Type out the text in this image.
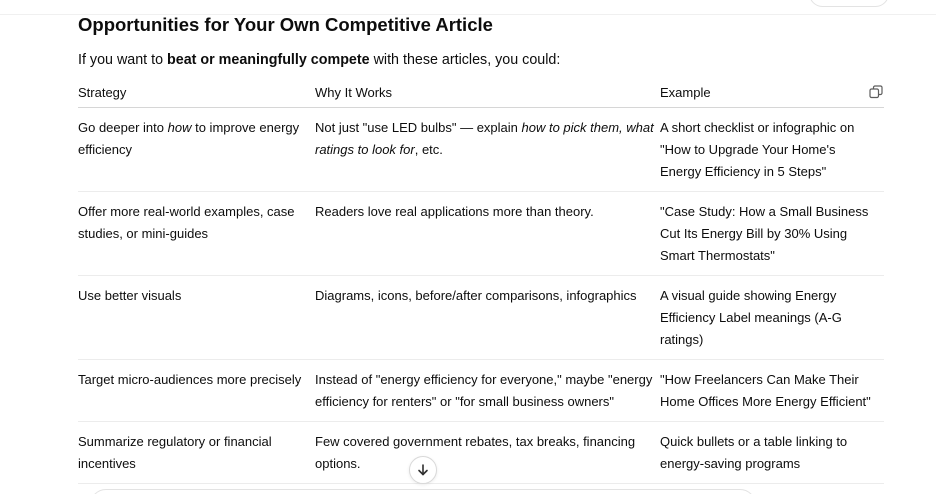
Opportunities for Your Own Competitive Article

If you want to beat or meaningfully compete with these articles, you could:

Strategy	Why It Works	Example
Go deeper into how to improve energy efficiency	Not just "use LED bulbs" — explain how to pick them, what ratings to look for, etc.	A short checklist or infographic on "How to Upgrade Your Home's Energy Efficiency in 5 Steps"
Offer more real-world examples, case studies, or mini-guides	Readers love real applications more than theory.	"Case Study: How a Small Business Cut Its Energy Bill by 30% Using Smart Thermostats"
Use better visuals	Diagrams, icons, before/after comparisons, infographics	A visual guide showing Energy Efficiency Label meanings (A-G ratings)
Target micro-audiences more precisely	Instead of "energy efficiency for everyone," maybe "energy efficiency for renters" or "for small business owners"	"How Freelancers Can Make Their Home Offices More Energy Efficient"
Summarize regulatory or financial incentives	Few covered government rebates, tax breaks, financing options.	Quick bullets or a table linking to energy-saving programs
